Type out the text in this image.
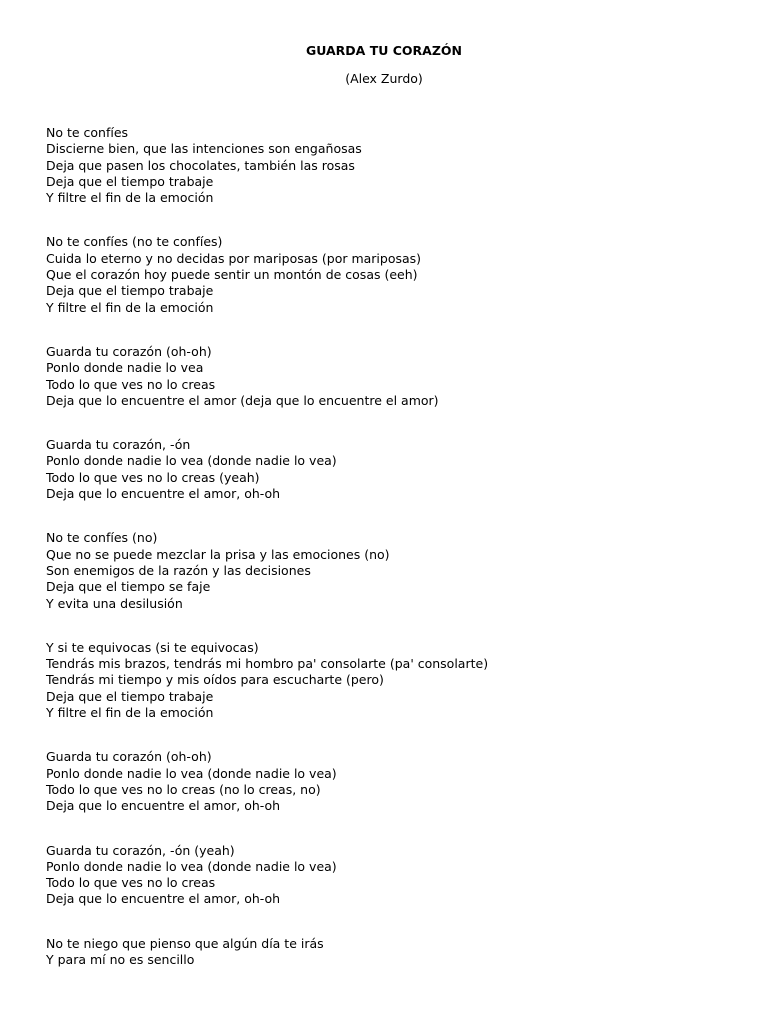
GUARDA TU CORAZÓN
(Alex Zurdo)
No te confíes
Discierne bien, que las intenciones son engañosas
Deja que pasen los chocolates, también las rosas
Deja que el tiempo trabaje
Y filtre el fin de la emoción
No te confíes (no te confíes)
Cuida lo eterno y no decidas por mariposas (por mariposas)
Que el corazón hoy puede sentir un montón de cosas (eeh)
Deja que el tiempo trabaje
Y filtre el fin de la emoción
Guarda tu corazón (oh-oh)
Ponlo donde nadie lo vea
Todo lo que ves no lo creas
Deja que lo encuentre el amor (deja que lo encuentre el amor)
Guarda tu corazón, -ón
Ponlo donde nadie lo vea (donde nadie lo vea)
Todo lo que ves no lo creas (yeah)
Deja que lo encuentre el amor, oh-oh
No te confíes (no)
Que no se puede mezclar la prisa y las emociones (no)
Son enemigos de la razón y las decisiones
Deja que el tiempo se faje
Y evita una desilusión
Y si te equivocas (si te equivocas)
Tendrás mis brazos, tendrás mi hombro pa' consolarte (pa' consolarte)
Tendrás mi tiempo y mis oídos para escucharte (pero)
Deja que el tiempo trabaje
Y filtre el fin de la emoción
Guarda tu corazón (oh-oh)
Ponlo donde nadie lo vea (donde nadie lo vea)
Todo lo que ves no lo creas (no lo creas, no)
Deja que lo encuentre el amor, oh-oh
Guarda tu corazón, -ón (yeah)
Ponlo donde nadie lo vea (donde nadie lo vea)
Todo lo que ves no lo creas
Deja que lo encuentre el amor, oh-oh
No te niego que pienso que algún día te irás
Y para mí no es sencillo
